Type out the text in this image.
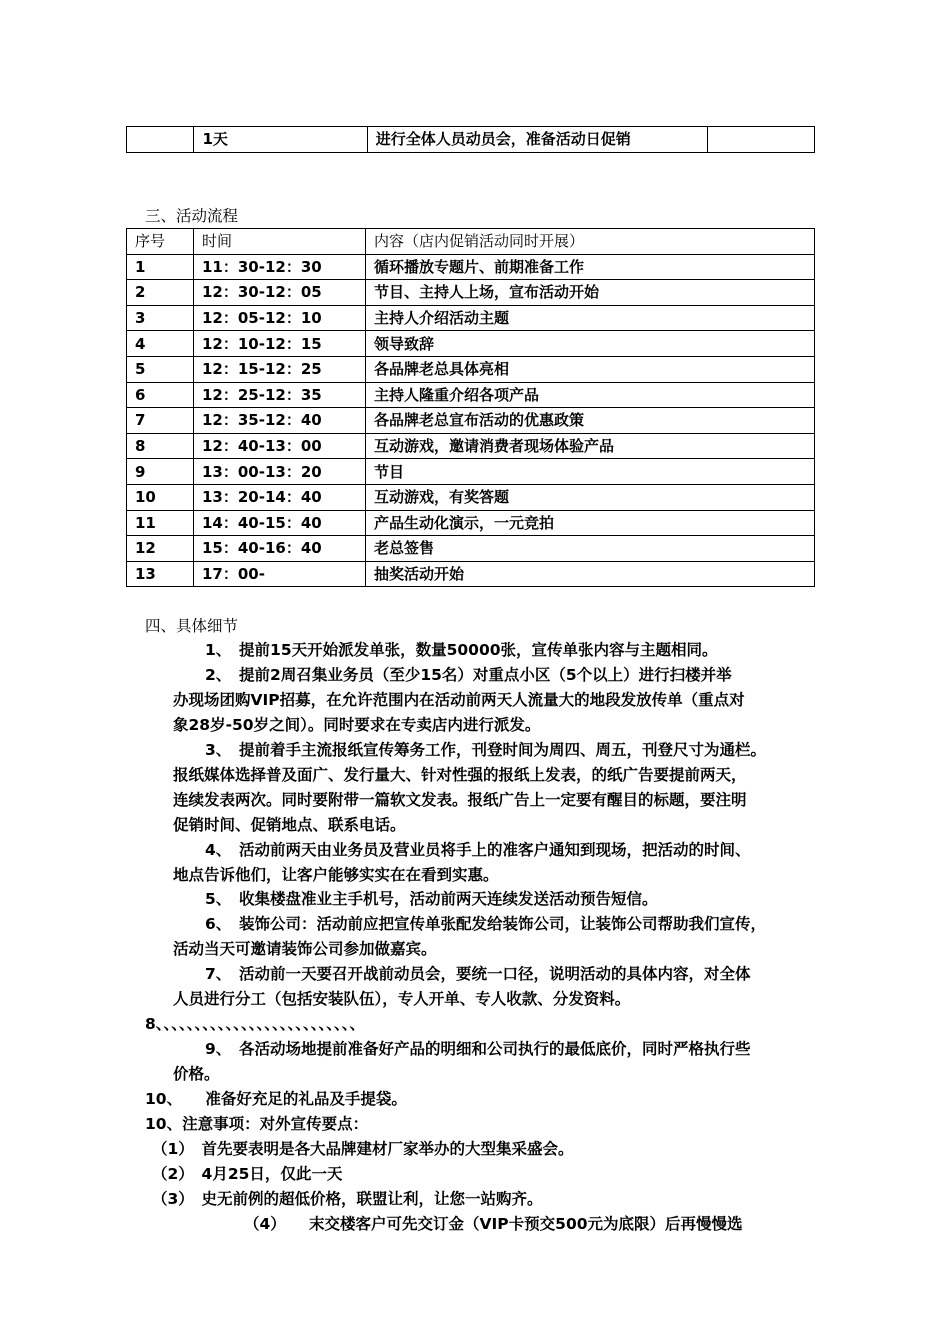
	1天	进行全体人员动员会，准备活动日促销	
三、活动流程
序号	时间	内容（店内促销活动同时开展）
1	11：30-12：30	循环播放专题片、前期准备工作
2	12：30-12：05	节目、主持人上场，宣布活动开始
3	12：05-12：10	主持人介绍活动主题
4	12：10-12：15	领导致辞
5	12：15-12：25	各品牌老总具体亮相
6	12：25-12：35	主持人隆重介绍各项产品
7	12：35-12：40	各品牌老总宣布活动的优惠政策
8	12：40-13：00	互动游戏，邀请消费者现场体验产品
9	13：00-13：20	节目
10	13：20-14：40	互动游戏，有奖答题
11	14：40-15：40	产品生动化演示，一元竞拍
12	15：40-16：40	老总签售
13	17：00-	抽奖活动开始
四、具体细节
1、　提前15天开始派发单张，数量50000张，宣传单张内容与主题相同。
2、　提前2周召集业务员（至少15名）对重点小区（5个以上）进行扫楼并举
办现场团购VIP招募，在允许范围内在活动前两天人流量大的地段发放传单（重点对
象28岁-50岁之间）。同时要求在专卖店内进行派发。
3、　提前着手主流报纸宣传筹务工作，刊登时间为周四、周五，刊登尺寸为通栏。
报纸媒体选择普及面广、发行量大、针对性强的报纸上发表，的纸广告要提前两天，
连续发表两次。同时要附带一篇软文发表。报纸广告上一定要有醒目的标题，要注明
促销时间、促销地点、联系电话。
4、　活动前两天由业务员及营业员将手上的准客户通知到现场，把活动的时间、
地点告诉他们，让客户能够实实在在看到实惠。
5、　收集楼盘准业主手机号，活动前两天连续发送活动预告短信。
6、　装饰公司：活动前应把宣传单张配发给装饰公司，让装饰公司帮助我们宣传，
活动当天可邀请装饰公司参加做嘉宾。
7、　活动前一天要召开战前动员会，要统一口径，说明活动的具体内容，对全体
人员进行分工（包括安装队伍），专人开单、专人收款、分发资料。
8、、、、、、、、、、、、、、、、、、、、、、、、、、
9、　各活动场地提前准备好产品的明细和公司执行的最低底价，同时严格执行些
价格。
10、　　准备好充足的礼品及手提袋。
10、注意事项：对外宣传要点：
（1）　首先要表明是各大品牌建材厂家举办的大型集采盛会。
（2）　4月25日，仅此一天
（3）　史无前例的超低价格，联盟让利，让您一站购齐。
（4）　　末交楼客户可先交订金（VIP卡预交500元为底限）后再慢慢选
